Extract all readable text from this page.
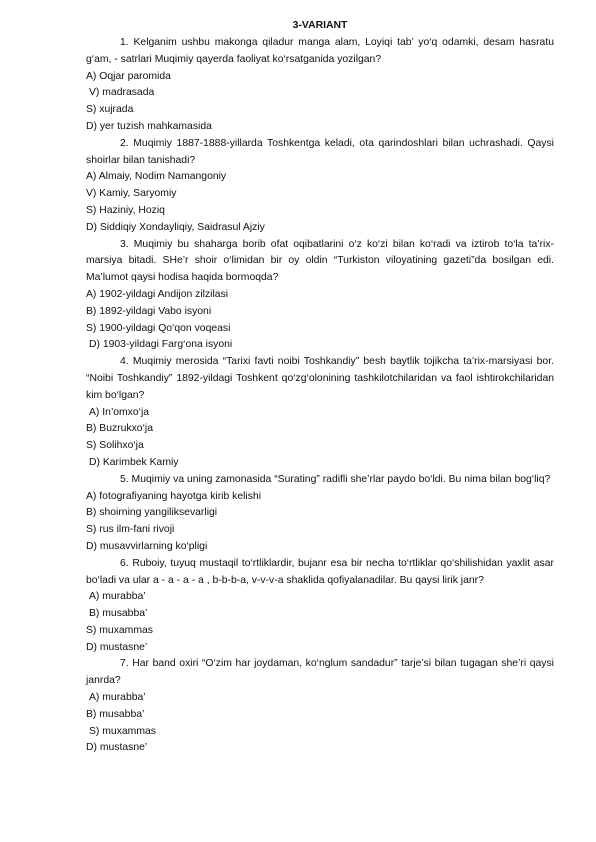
3-VARIANT
1. Kelganim ushbu makonga qiladur manga alam, Loyiqi tab’ yo‘q odamki, desam hasratu g‘am, - satrlari Muqimiy qayerda faoliyat ko‘rsatganida yozilgan?
A) Oqjar paromida
V) madrasada
S) xujrada
D) yer tuzish mahkamasida
2. Muqimiy 1887-1888-yillarda Toshkentga keladi, ota qarindoshlari bilan uchrashadi. Qaysi shoirlar bilan tanishadi?
A) Almaiy, Nodim Namangoniy
V) Kamiy, Saryomiy
S) Haziniy, Hoziq
D) Siddiqiy Xondayliqiy, Saidrasul Ajziy
3. Muqimiy bu shaharga borib ofat oqibatlarini o‘z ko‘zi bilan ko‘radi va iztirob to‘la ta’rix-marsiya bitadi. SHe’r shoir o‘limidan bir oy oldin “Turkiston viloyatining gazeti”da bosilgan edi. Ma’lumot qaysi hodisa haqida bormoqda?
A) 1902-yildagi Andijon zilzilasi
B) 1892-yildagi Vabo isyoni
S) 1900-yildagi Qo‘qon voqeasi
D) 1903-yildagi Farg‘ona isyoni
4. Muqimiy merosida “Tarixi favti noibi Toshkandiy” besh baytlik tojikcha ta’rix-marsiyasi bor. “Noibi Toshkandiy” 1892-yildagi Toshkent qo‘zg‘olonining tashkilotchilaridan va faol ishtirokchilaridan kim bo‘lgan?
A) In’omxo‘ja
B) Buzrukxo‘ja
S) Solihxo‘ja
D) Karimbek Kamiy
5. Muqimiy va uning zamonasida “Surating” radifli she’rlar paydo bo‘ldi. Bu nima bilan bog‘liq?
A) fotografiyaning hayotga kirib kelishi
B) shoirning yangiliksevarligi
S) rus ilm-fani rivoji
D) musavvirlarning ko‘pligi
6. Ruboiy, tuyuq mustaqil to‘rtliklardir, bujanr esa bir necha to‘rtliklar qo‘shilishidan yaxlit asar bo‘ladi va ular a - a - a - a , b-b-b-a, v-v-v-a shaklida qofiyalanadilar. Bu qaysi lirik janr?
A) murabba’
B) musabba’
S) muxammas
D) mustasne’
7. Har band oxiri “O‘zim har joydaman, ko‘nglum sandadur” tarje’si bilan tugagan she’ri qaysi janrda?
A) murabba’
B) musabba’
S) muxammas
D) mustasne’
